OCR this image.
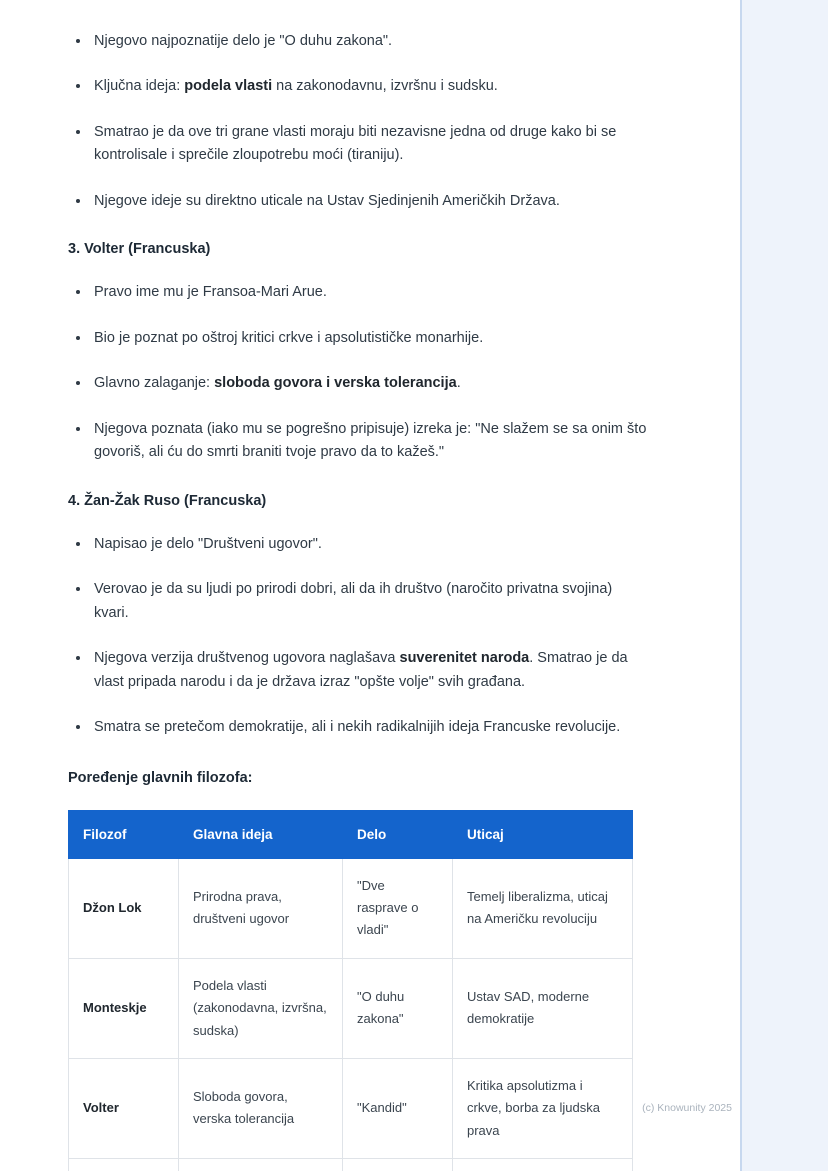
Njegovo najpoznatije delo je "O duhu zakona".
Ključna ideja: podela vlasti na zakonodavnu, izvršnu i sudsku.
Smatrao je da ove tri grane vlasti moraju biti nezavisne jedna od druge kako bi se kontrolisale i sprečile zloupotrebu moći (tiraniju).
Njegove ideje su direktno uticale na Ustav Sjedinjenih Američkih Država.
3. Volter (Francuska)
Pravo ime mu je Fransoa-Mari Arue.
Bio je poznat po oštroj kritici crkve i apsolutističke monarhije.
Glavno zalaganje: sloboda govora i verska tolerancija.
Njegova poznata (iako mu se pogrešno pripisuje) izreka je: "Ne slažem se sa onim što govoriš, ali ću do smrti braniti tvoje pravo da to kažeš."
4. Žan-Žak Ruso (Francuska)
Napisao je delo "Društveni ugovor".
Verovao je da su ljudi po prirodi dobri, ali da ih društvo (naročito privatna svojina) kvari.
Njegova verzija društvenog ugovora naglašava suverenitet naroda. Smatrao je da vlast pripada narodu i da je država izraz "opšte volje" svih građana.
Smatra se pretečom demokratije, ali i nekih radikalnijih ideja Francuske revolucije.
Poređenje glavnih filozofa:
Filozof	Glavna ideja	Delo	Uticaj
Džon Lok	Prirodna prava, društveni ugovor	"Dve rasprave o vladi"	Temelj liberalizma, uticaj na Američku revoluciju
Monteskje	Podela vlasti (zakonodavna, izvršna, sudska)	"O duhu zakona"	Ustav SAD, moderne demokratije
Volter	Sloboda govora, verska tolerancija	"Kandid"	Kritika apsolutizma i crkve, borba za ljudska prava

(c) Knowunity 2025
